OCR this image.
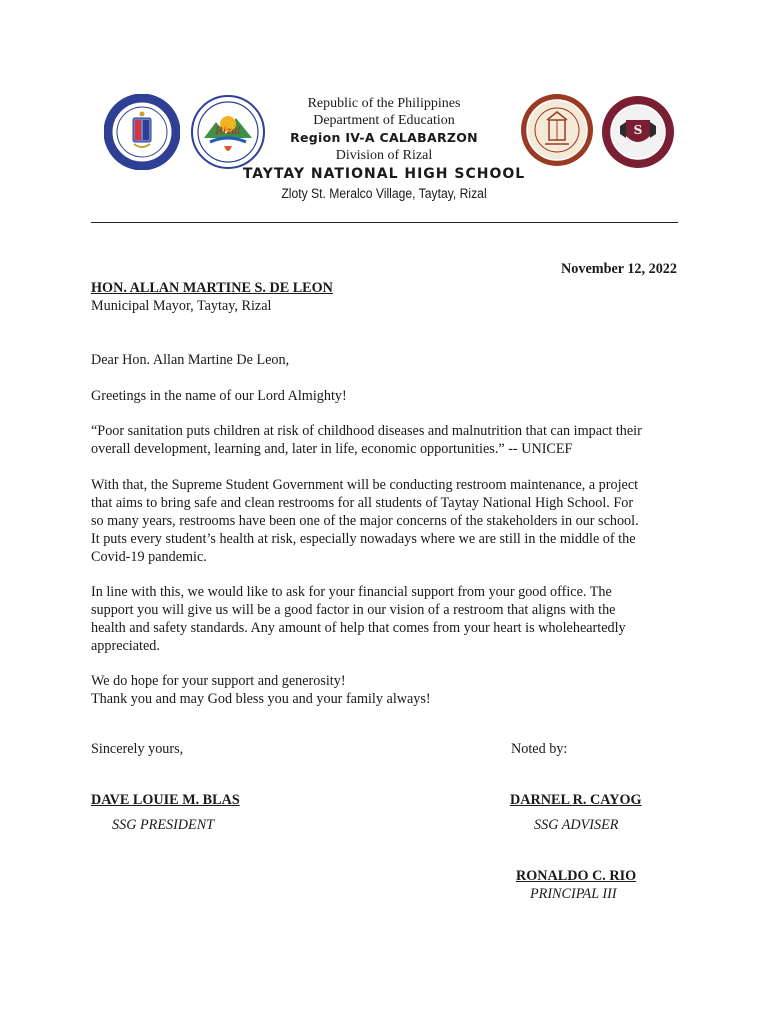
Rizal	S
Republic of the Philippines
Department of Education
Region IV-A CALABARZON
Division of Rizal
TAYTAY NATIONAL HIGH SCHOOL
Zloty St. Meralco Village, Taytay, Rizal
November 12, 2022
HON. ALLAN MARTINE S. DE LEON
Municipal Mayor, Taytay, Rizal
Dear Hon. Allan Martine De Leon,
Greetings in the name of our Lord Almighty!
“Poor sanitation puts children at risk of childhood diseases and malnutrition that can impact their
overall development, learning and, later in life, economic opportunities.” -- UNICEF
With that, the Supreme Student Government will be conducting restroom maintenance, a project
that aims to bring safe and clean restrooms for all students of Taytay National High School. For
so many years, restrooms have been one of the major concerns of the stakeholders in our school.
It puts every student’s health at risk, especially nowadays where we are still in the middle of the
Covid-19 pandemic.
In line with this, we would like to ask for your financial support from your good office. The
support you will give us will be a good factor in our vision of a restroom that aligns with the
health and safety standards. Any amount of help that comes from your heart is wholeheartedly
appreciated.
We do hope for your support and generosity!
Thank you and may God bless you and your family always!
Sincerely yours,	Noted by:
DAVE LOUIE M. BLAS
SSG PRESIDENT
DARNEL R. CAYOG
SSG ADVISER
RONALDO C. RIO
PRINCIPAL III
